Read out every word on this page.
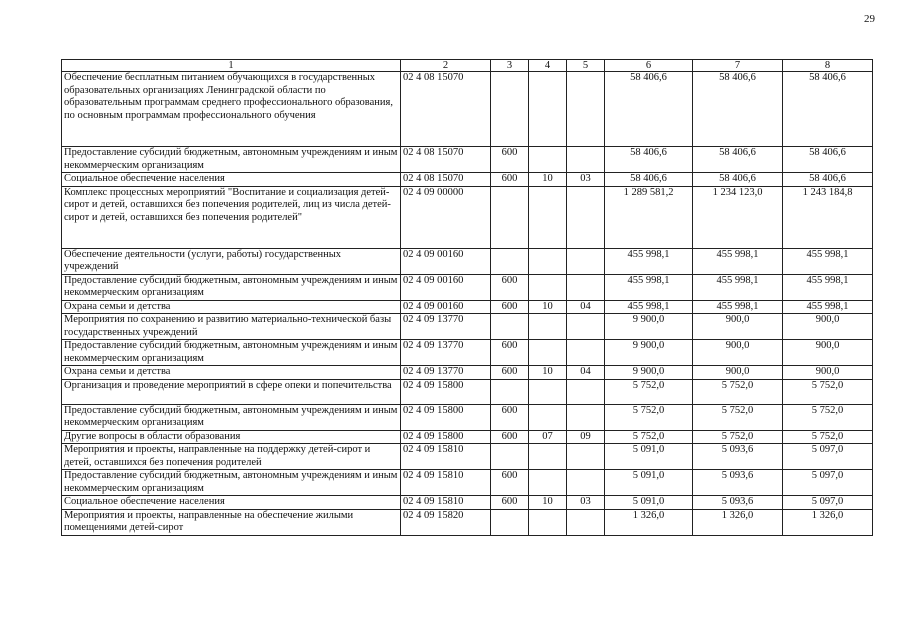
29
1	2	3	4	5	6	7	8
Обеспечение бесплатным питанием обучающихся в государственных образовательных организациях Ленинградской области по образовательным программам среднего профессионального образования, по основным программам профессионального обучения	02 4 08 15070				58 406,6	58 406,6	58 406,6
Предоставление субсидий бюджетным, автономным учреждениям и иным некоммерческим организациям	02 4 08 15070	600			58 406,6	58 406,6	58 406,6
Социальное обеспечение населения	02 4 08 15070	600	10	03	58 406,6	58 406,6	58 406,6
Комплекс процессных мероприятий "Воспитание и социализация детей-сирот и детей, оставшихся без попечения родителей, лиц из числа детей-сирот и детей, оставшихся без попечения родителей"	02 4 09 00000				1 289 581,2	1 234 123,0	1 243 184,8
Обеспечение деятельности (услуги, работы) государственных учреждений	02 4 09 00160				455 998,1	455 998,1	455 998,1
Предоставление субсидий бюджетным, автономным учреждениям и иным некоммерческим организациям	02 4 09 00160	600			455 998,1	455 998,1	455 998,1
Охрана семьи и детства	02 4 09 00160	600	10	04	455 998,1	455 998,1	455 998,1
Мероприятия по сохранению и развитию материально-технической базы государственных учреждений	02 4 09 13770				9 900,0	900,0	900,0
Предоставление субсидий бюджетным, автономным учреждениям и иным некоммерческим организациям	02 4 09 13770	600			9 900,0	900,0	900,0
Охрана семьи и детства	02 4 09 13770	600	10	04	9 900,0	900,0	900,0
Организация и проведение мероприятий в сфере опеки и попечительства	02 4 09 15800				5 752,0	5 752,0	5 752,0
Предоставление субсидий бюджетным, автономным учреждениям и иным некоммерческим организациям	02 4 09 15800	600			5 752,0	5 752,0	5 752,0
Другие вопросы в области образования	02 4 09 15800	600	07	09	5 752,0	5 752,0	5 752,0
Мероприятия и проекты, направленные на поддержку детей-сирот и детей, оставшихся без попечения родителей	02 4 09 15810				5 091,0	5 093,6	5 097,0
Предоставление субсидий бюджетным, автономным учреждениям и иным некоммерческим организациям	02 4 09 15810	600			5 091,0	5 093,6	5 097,0
Социальное обеспечение населения	02 4 09 15810	600	10	03	5 091,0	5 093,6	5 097,0
Мероприятия и проекты, направленные на обеспечение жилыми помещениями детей-сирот	02 4 09 15820				1 326,0	1 326,0	1 326,0
